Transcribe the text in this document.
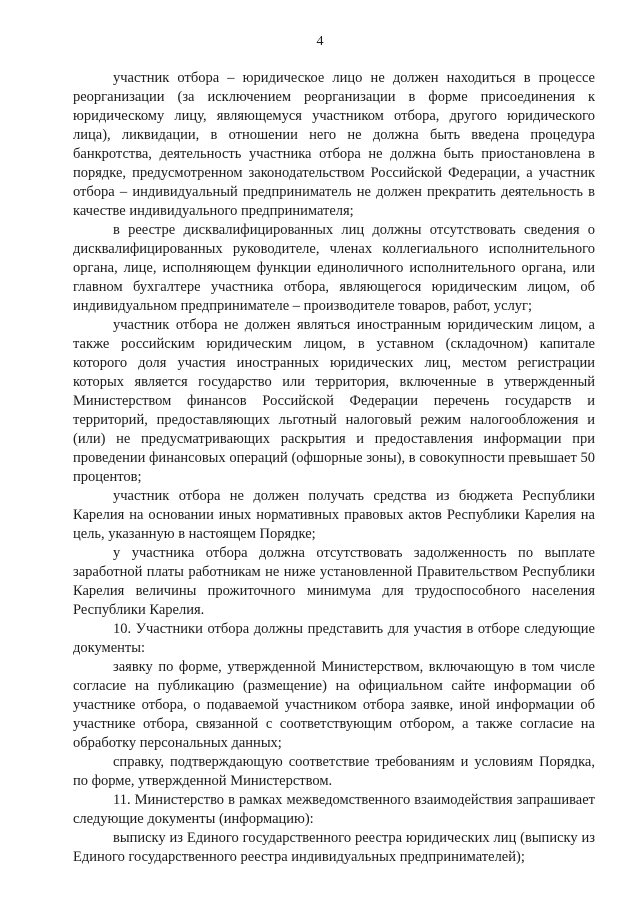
4

участник отбора – юридическое лицо не должен находиться в процессе реорганизации (за исключением реорганизации в форме присоединения к юридическому лицу, являющемуся участником отбора, другого юридического лица), ликвидации, в отношении него не должна быть введена процедура банкротства, деятельность участника отбора не должна быть приостановлена в порядке, предусмотренном законодательством Российской Федерации, а участник отбора – индивидуальный предприниматель не должен прекратить деятельность в качестве индивидуального предпринимателя;

в реестре дисквалифицированных лиц должны отсутствовать сведения о дисквалифицированных руководителе, членах коллегиального исполнительного органа, лице, исполняющем функции единоличного исполнительного органа, или главном бухгалтере участника отбора, являющегося юридическим лицом, об индивидуальном предпринимателе – производителе товаров, работ, услуг;

участник отбора не должен являться иностранным юридическим лицом, а также российским юридическим лицом, в уставном (складочном) капитале которого доля участия иностранных юридических лиц, местом регистрации которых является государство или территория, включенные в утвержденный Министерством финансов Российской Федерации перечень государств и территорий, предоставляющих льготный налоговый режим налогообложения и (или) не предусматривающих раскрытия и предоставления информации при проведении финансовых операций (офшорные зоны), в совокупности превышает 50 процентов;

участник отбора не должен получать средства из бюджета Республики Карелия на основании иных нормативных правовых актов Республики Карелия на цель, указанную в настоящем Порядке;

у участника отбора должна отсутствовать задолженность по выплате заработной платы работникам не ниже установленной Правительством Республики Карелия величины прожиточного минимума для трудоспособного населения Республики Карелия.

10. Участники отбора должны представить для участия в отборе следующие документы:

заявку по форме, утвержденной Министерством, включающую в том числе согласие на публикацию (размещение) на официальном сайте информации об участнике отбора, о подаваемой участником отбора заявке, иной информации об участнике отбора, связанной с соответствующим отбором, а также согласие на обработку персональных данных;

справку, подтверждающую соответствие требованиям и условиям Порядка, по форме, утвержденной Министерством.

11. Министерство в рамках межведомственного взаимодействия запрашивает следующие документы (информацию):

выписку из Единого государственного реестра юридических лиц (выписку из Единого государственного реестра индивидуальных предпринимателей);
